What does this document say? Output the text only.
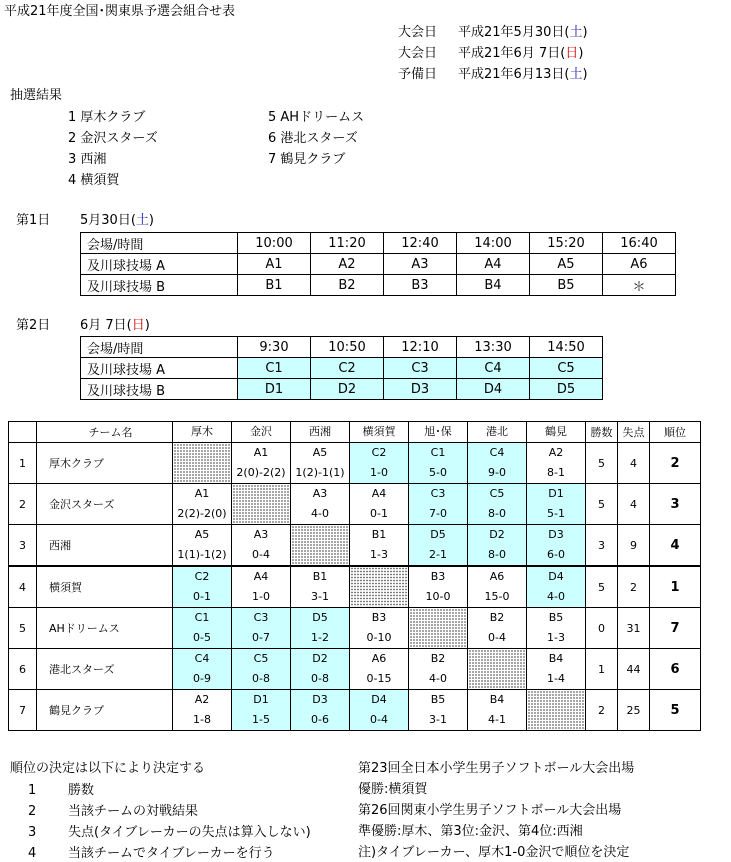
平成21年度全国･関東県予選会組合せ表
大会日 平成21年5月30日(土)
大会日 平成21年6月 7日(日)
予備日 平成21年6月13日(土)
抽選結果
1 厚木クラブ
2 金沢スターズ
3 西湘
4 横須賀
5 AHドリームス
6 港北スターズ
7 鶴見クラブ
第1日 5月30日(土)
会場/時間	10:00	11:20	12:40	14:00	15:20	16:40
及川球技場 A	A1	A2	A3	A4	A5	A6
及川球技場 B	B1	B2	B3	B4	B5	＊
第2日 6月 7日(日)
会場/時間	9:30	10:50	12:10	13:30	14:50
及川球技場 A	C1	C2	C3	C4	C5
及川球技場 B	D1	D2	D3	D4	D5
	チーム名	厚木	金沢	西湘	横須賀	旭･保	港北	鶴見	勝数	失点	順位
1	厚木クラブ		A1	A5	C2	C1	C4	A2	5	4	2
			2(0)-2(2)	1(2)-1(1)	1-0	5-0	9-0	8-1			
2	金沢スターズ	A1		A3	A4	C3	C5	D1	5	4	3
		2(2)-2(0)		4-0	0-1	7-0	8-0	5-1			
3	西湘	A5	A3		B1	D5	D2	D3	3	9	4
		1(1)-1(2)	0-4		1-3	2-1	8-0	6-0			
4	横須賀	C2	A4	B1		B3	A6	D4	5	2	1
		0-1	1-0	3-1		10-0	15-0	4-0			
5	AHドリームス	C1	C3	D5	B3		B2	B5	0	31	7
		0-5	0-7	1-2	0-10		0-4	1-3			
6	港北スターズ	C4	C5	D2	A6	B2		B4	1	44	6
		0-9	0-8	0-8	0-15	4-0		1-4			
7	鶴見クラブ	A2	D1	D3	D4	B5	B4		2	25	5
		1-8	1-5	0-6	0-4	3-1	4-1				
順位の決定は以下により決定する
1 勝数
2 当該チームの対戦結果
3 失点(タイブレーカーの失点は算入しない)
4 当該チームでタイブレーカーを行う
第23回全日本小学生男子ソフトボール大会出場
優勝:横須賀
第26回関東小学生男子ソフトボール大会出場
準優勝:厚木、第3位:金沢、第4位:西湘
注)タイブレーカー、厚木1-0金沢で順位を決定
